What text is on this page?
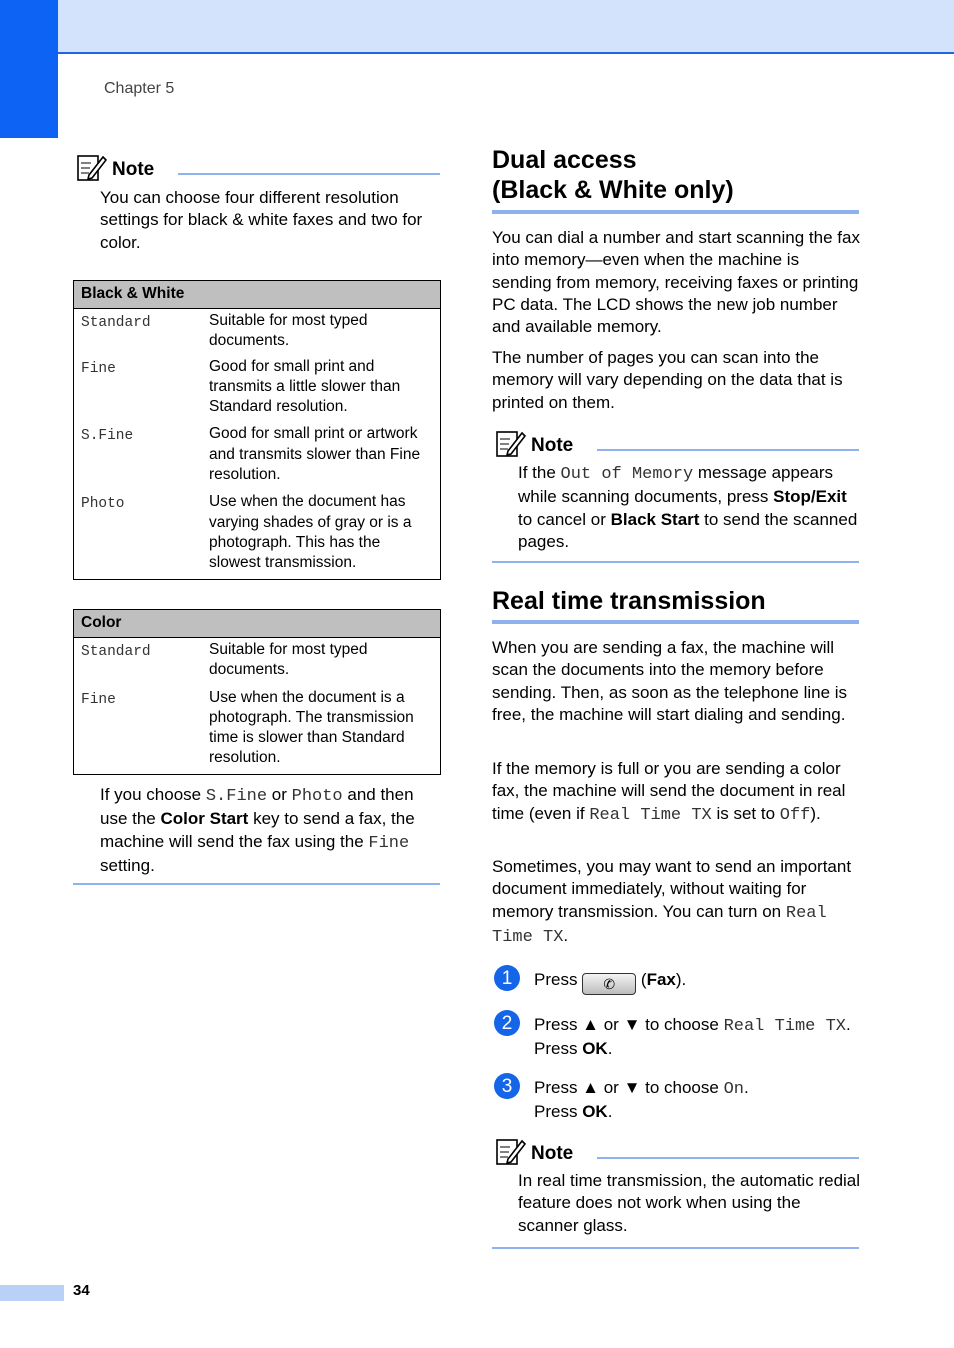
Chapter 5
Note
You can choose four different resolution settings for black & white faxes and two for color.
Black & White	
Standard	Suitable for most typed documents.
Fine	Good for small print and transmits a little slower than Standard resolution.
S.Fine	Good for small print or artwork and transmits slower than Fine resolution.
Photo	Use when the document has varying shades of gray or is a photograph. This has the slowest transmission.
Color	
Standard	Suitable for most typed documents.
Fine	Use when the document is a photograph. The transmission time is slower than Standard resolution.
If you choose S.Fine or Photo and then use the Color Start key to send a fax, the machine will send the fax using the Fine setting.
Dual access
(Black & White only)
You can dial a number and start scanning the fax into memory—even when the machine is sending from memory, receiving faxes or printing PC data. The LCD shows the new job number and available memory.
The number of pages you can scan into the memory will vary depending on the data that is printed on them.
Note
If the Out of Memory message appears while scanning documents, press Stop/Exit to cancel or Black Start to send the scanned pages.
Real time transmission
When you are sending a fax, the machine will scan the documents into the memory before sending. Then, as soon as the telephone line is free, the machine will start dialing and sending.
If the memory is full or you are sending a color fax, the machine will send the document in real time (even if Real Time TX is set to Off).
Sometimes, you may want to send an important document immediately, without waiting for memory transmission. You can turn on Real Time TX.
1	Press ✆ (Fax).
2	Press ▲ or ▼ to choose Real Time TX.
Press OK.
3	Press ▲ or ▼ to choose On.
Press OK.
Note
In real time transmission, the automatic redial feature does not work when using the scanner glass.
34
